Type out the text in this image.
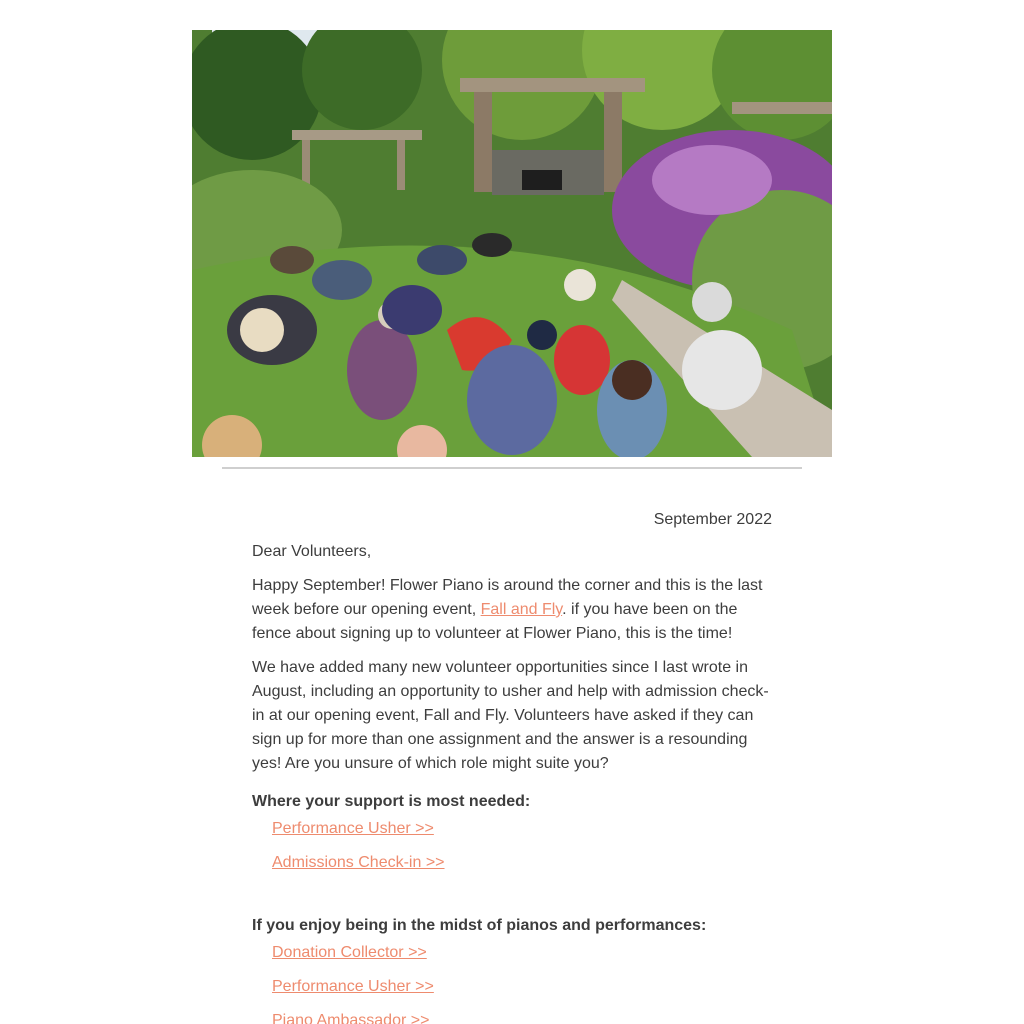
September 2022

Dear Volunteers,

Happy September! Flower Piano is around the corner and this is the last week before our opening event, Fall and Fly. if you have been on the fence about signing up to volunteer at Flower Piano, this is the time!

We have added many new volunteer opportunities since I last wrote in August, including an opportunity to usher and help with admission check-in at our opening event, Fall and Fly. Volunteers have asked if they can sign up for more than one assignment and the answer is a resounding yes! Are you unsure of which role might suite you?

Where your support is most needed:

Performance Usher >>
Admissions Check-in >>

If you enjoy being in the midst of pianos and performances:

Donation Collector >>
Performance Usher >>
Piano Ambassador >>
